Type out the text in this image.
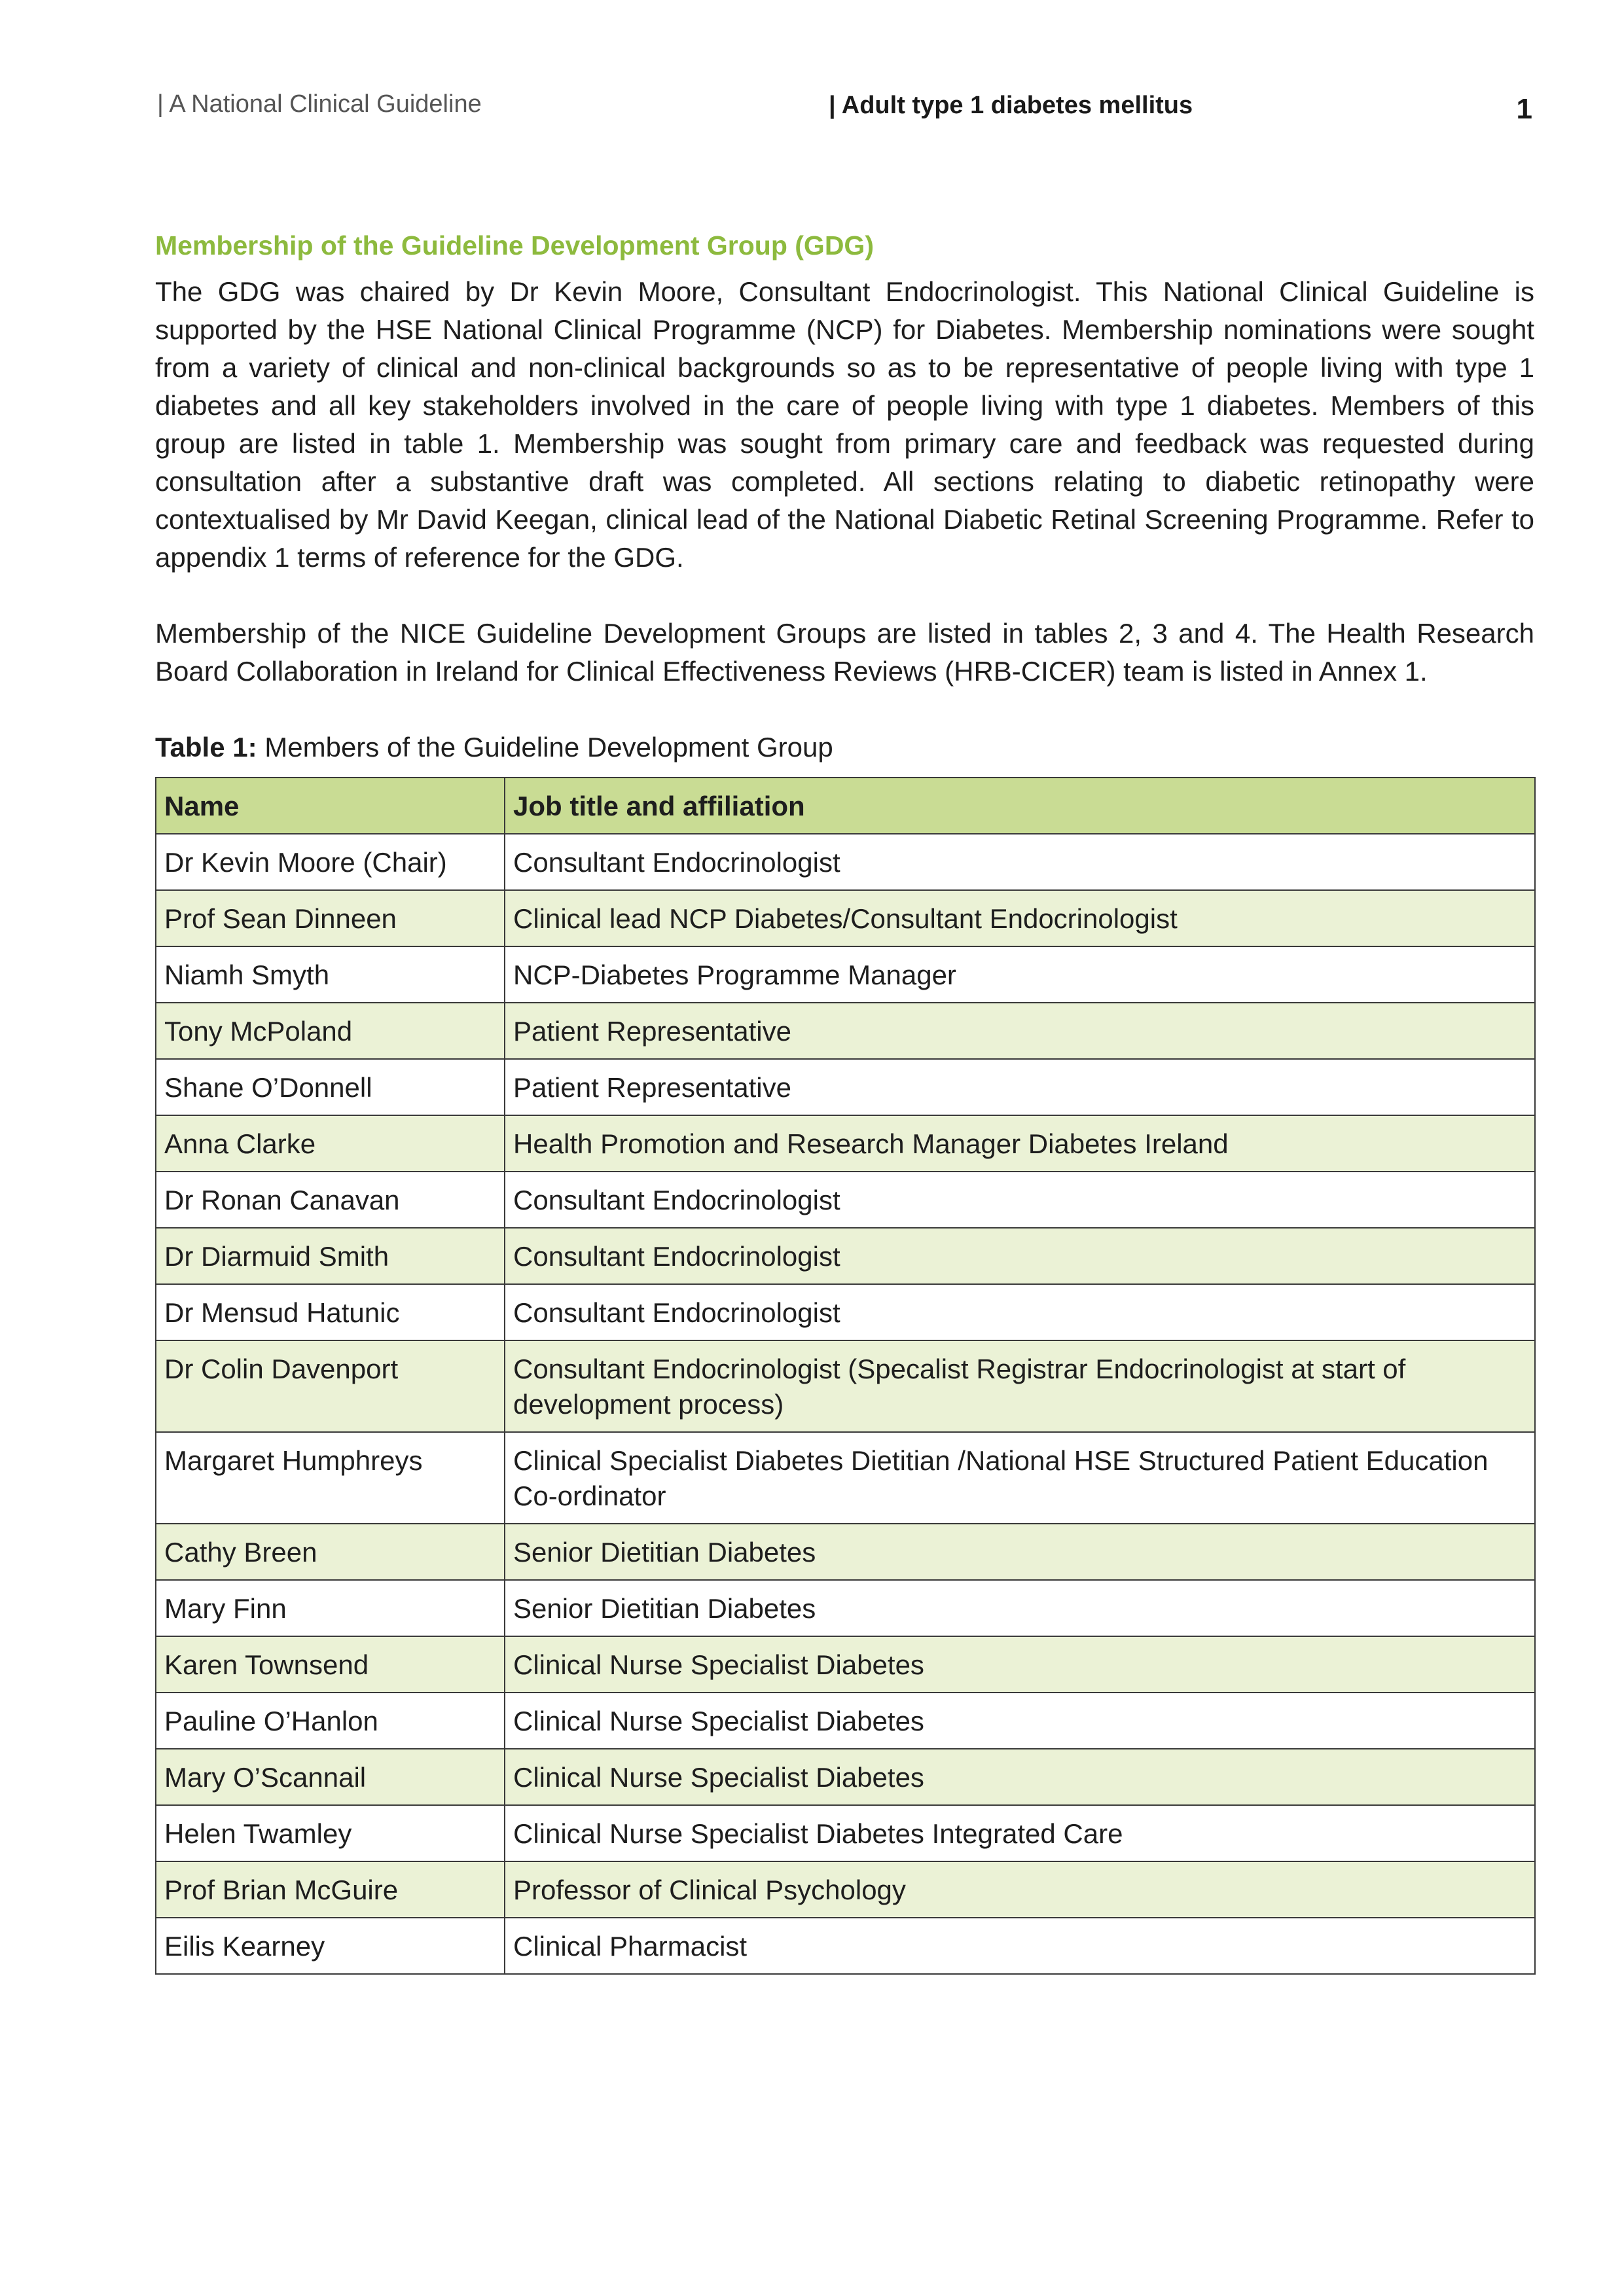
| A National Clinical Guideline	| Adult type 1 diabetes mellitus	1
Membership of the Guideline Development Group (GDG)

The GDG was chaired by Dr Kevin Moore, Consultant Endocrinologist. This National Clinical Guideline is supported by the HSE National Clinical Programme (NCP) for Diabetes. Membership nominations were sought from a variety of clinical and non-clinical backgrounds so as to be representative of people living with type 1 diabetes and all key stakeholders involved in the care of people living with type 1 diabetes. Members of this group are listed in table 1. Membership was sought from primary care and feedback was requested during consultation after a substantive draft was completed. All sections relating to diabetic retinopathy were contextualised by Mr David Keegan, clinical lead of the National Diabetic Retinal Screening Programme. Refer to appendix 1 terms of reference for the GDG.

Membership of the NICE Guideline Development Groups are listed in tables 2, 3 and 4. The Health Research Board Collaboration in Ireland for Clinical Effectiveness Reviews (HRB-CICER) team is listed in Annex 1.

Table 1: Members of the Guideline Development Group
Name	Job title and affiliation
Dr Kevin Moore (Chair)	Consultant Endocrinologist
Prof Sean Dinneen	Clinical lead NCP Diabetes/Consultant Endocrinologist
Niamh Smyth	NCP-Diabetes Programme Manager
Tony McPoland	Patient Representative
Shane O’Donnell	Patient Representative
Anna Clarke	Health Promotion and Research Manager Diabetes Ireland
Dr Ronan Canavan	Consultant Endocrinologist
Dr Diarmuid Smith	Consultant Endocrinologist
Dr Mensud Hatunic	Consultant Endocrinologist
Dr Colin Davenport	Consultant Endocrinologist (Specalist Registrar Endocrinologist at start of development process)
Margaret Humphreys	Clinical Specialist Diabetes Dietitian /National HSE Structured Patient Education Co-ordinator
Cathy Breen	Senior Dietitian Diabetes
Mary Finn	Senior Dietitian Diabetes
Karen Townsend	Clinical Nurse Specialist Diabetes
Pauline O’Hanlon	Clinical Nurse Specialist Diabetes
Mary O’Scannail	Clinical Nurse Specialist Diabetes
Helen Twamley	Clinical Nurse Specialist Diabetes Integrated Care
Prof Brian McGuire	Professor of Clinical Psychology
Eilis Kearney	Clinical Pharmacist
